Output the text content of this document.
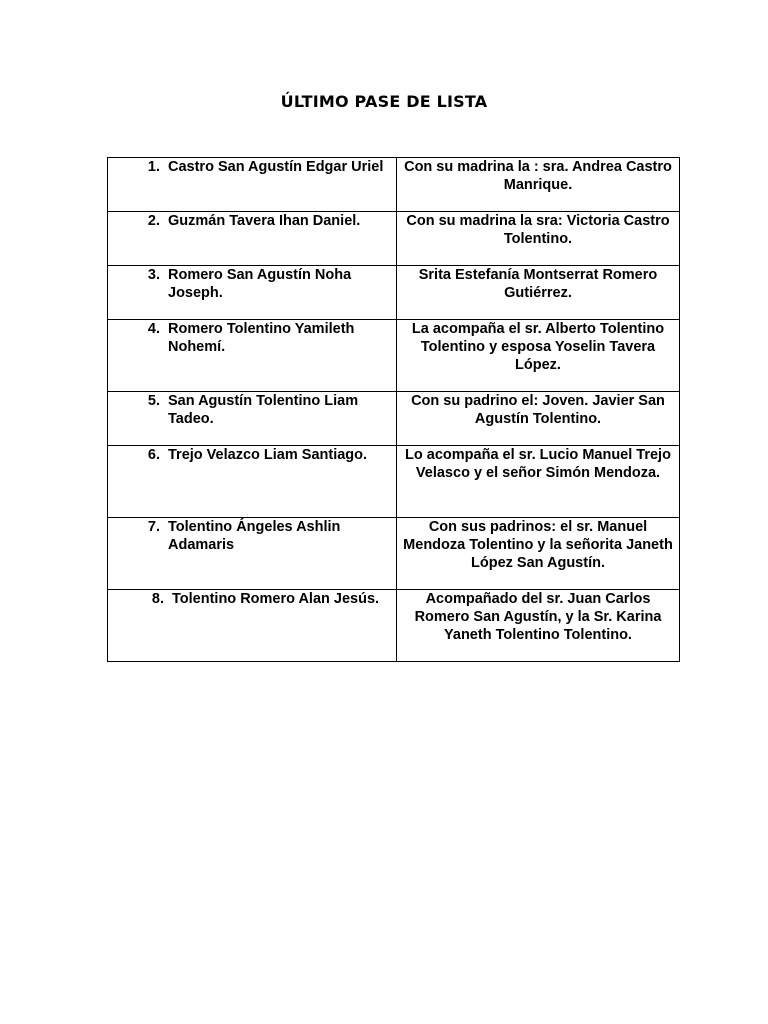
ÚLTIMO PASE DE LISTA
1. Castro San Agustín Edgar Uriel	Con su madrina la : sra. Andrea Castro Manrique.

2. Guzmán Tavera Ihan Daniel.	Con su madrina la sra: Victoria Castro Tolentino.

3. Romero San Agustín Noha Joseph.	Srita Estefanía Montserrat Romero Gutiérrez.

4. Romero Tolentino Yamileth Nohemí.	La acompaña el sr. Alberto Tolentino Tolentino y esposa Yoselin Tavera López.

5. San Agustín Tolentino Liam Tadeo.	Con su padrino el: Joven. Javier San Agustín Tolentino.

6. Trejo Velazco Liam Santiago.	Lo acompaña el sr. Lucio Manuel Trejo Velasco y el señor Simón Mendoza.

7. Tolentino Ángeles Ashlin Adamaris	Con sus padrinos: el sr. Manuel Mendoza Tolentino y la señorita Janeth López San Agustín.

8. Tolentino Romero Alan Jesús.	Acompañado del sr. Juan Carlos Romero San Agustín, y la Sr. Karina Yaneth Tolentino Tolentino.
